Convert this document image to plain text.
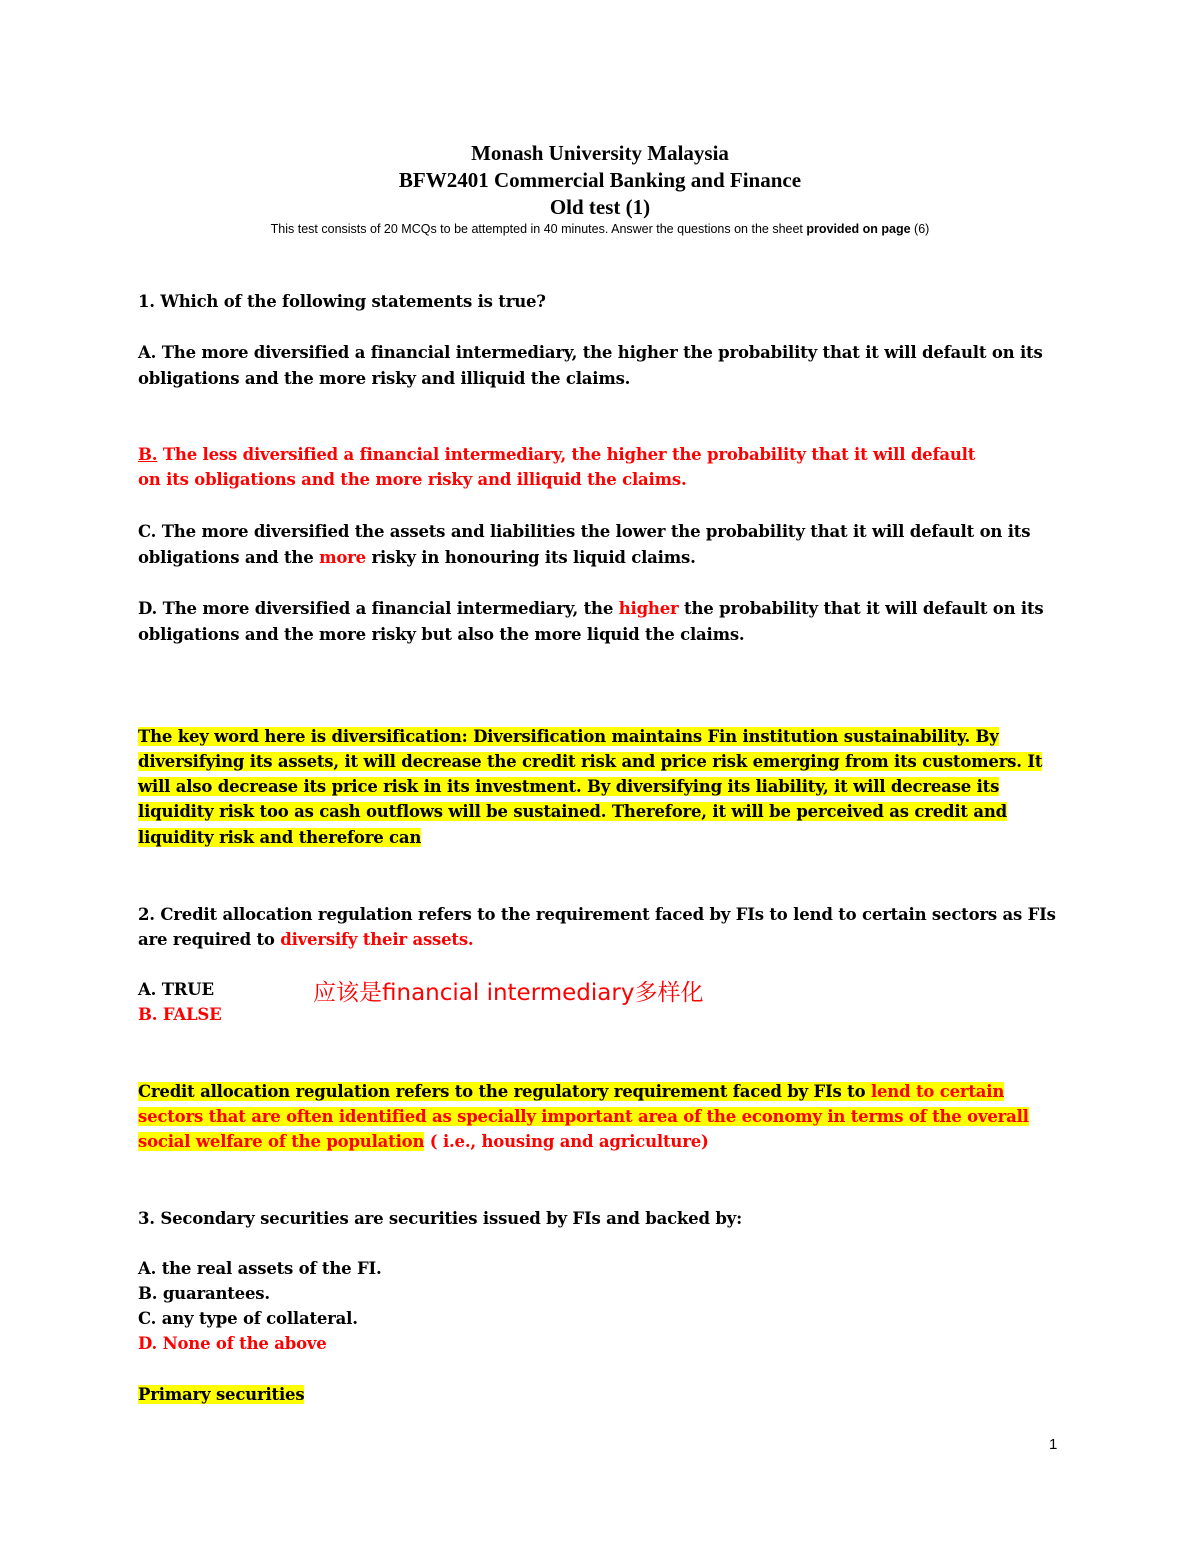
Monash University Malaysia
BFW2401 Commercial Banking and Finance
Old test (1)
This test consists of 20 MCQs to be attempted in 40 minutes. Answer the questions on the sheet provided on page (6)
1. Which of the following statements is true?
A. The more diversified a financial intermediary, the higher the probability that it will default on its
obligations and the more risky and illiquid the claims.
B. The less diversified a financial intermediary, the higher the probability that it will default
on its obligations and the more risky and illiquid the claims.
C. The more diversified the assets and liabilities the lower the probability that it will default on its
obligations and the more risky in honouring its liquid claims.
D. The more diversified a financial intermediary, the higher the probability that it will default on its
obligations and the more risky but also the more liquid the claims.
The key word here is diversification: Diversification maintains Fin institution sustainability. By
diversifying its assets, it will decrease the credit risk and price risk emerging from its customers. It
will also decrease its price risk in its investment. By diversifying its liability, it will decrease its
liquidity risk too as cash outflows will be sustained. Therefore, it will be perceived as credit and
liquidity risk and therefore can
2. Credit allocation regulation refers to the requirement faced by FIs to lend to certain sectors as FIs
are required to diversify their assets.
A. TRUE	应该是financial intermediary多样化
B. FALSE
Credit allocation regulation refers to the regulatory requirement faced by FIs to lend to certain
sectors that are often identified as specially important area of the economy in terms of the overall
social welfare of the population ( i.e., housing and agriculture)
3. Secondary securities are securities issued by FIs and backed by:
A. the real assets of the FI.
B. guarantees.
C. any type of collateral.
D. None of the above
Primary securities
1
